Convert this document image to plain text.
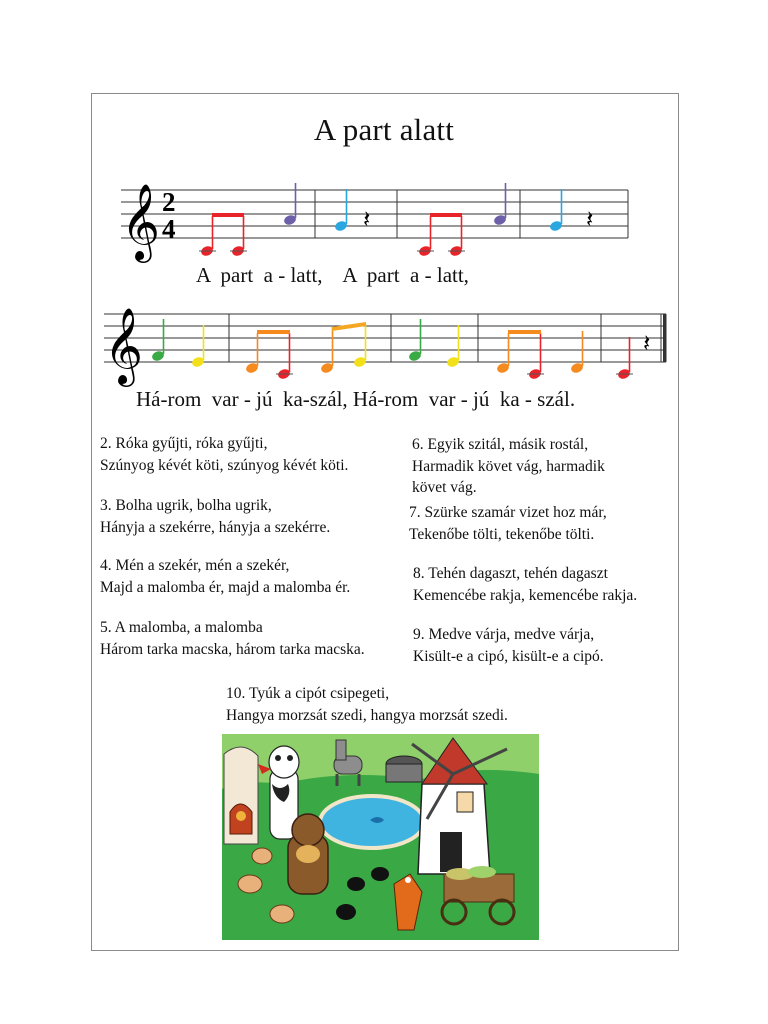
A part alatt
𝄞 2
4	𝄽	𝄽
𝄞	𝄽
A  part  a - latt,    A  part  a - latt,
Há-rom  var - jú  ka-szál, Há-rom  var - jú  ka - szál.
2. Róka gyűjti, róka gyűjti,
Szúnyog kévét köti, szúnyog kévét köti.
3. Bolha ugrik, bolha ugrik,
Hányja a szekérre, hányja a szekérre.
4. Mén a szekér, mén a szekér,
Majd a malomba ér, majd a malomba ér.
5. A malomba, a malomba
Három tarka macska, három tarka macska.
6. Egyik szitál, másik rostál,
Harmadik követ vág, harmadik
követ vág.
7. Szürke szamár vizet hoz már,
Tekenőbe tölti, tekenőbe tölti.
8. Tehén dagaszt, tehén dagaszt
Kemencébe rakja, kemencébe rakja.
9. Medve várja, medve várja,
Kisült-e a cipó, kisült-e a cipó.
10. Tyúk a cipót csipegeti,
Hangya morzsát szedi, hangya morzsát szedi.
